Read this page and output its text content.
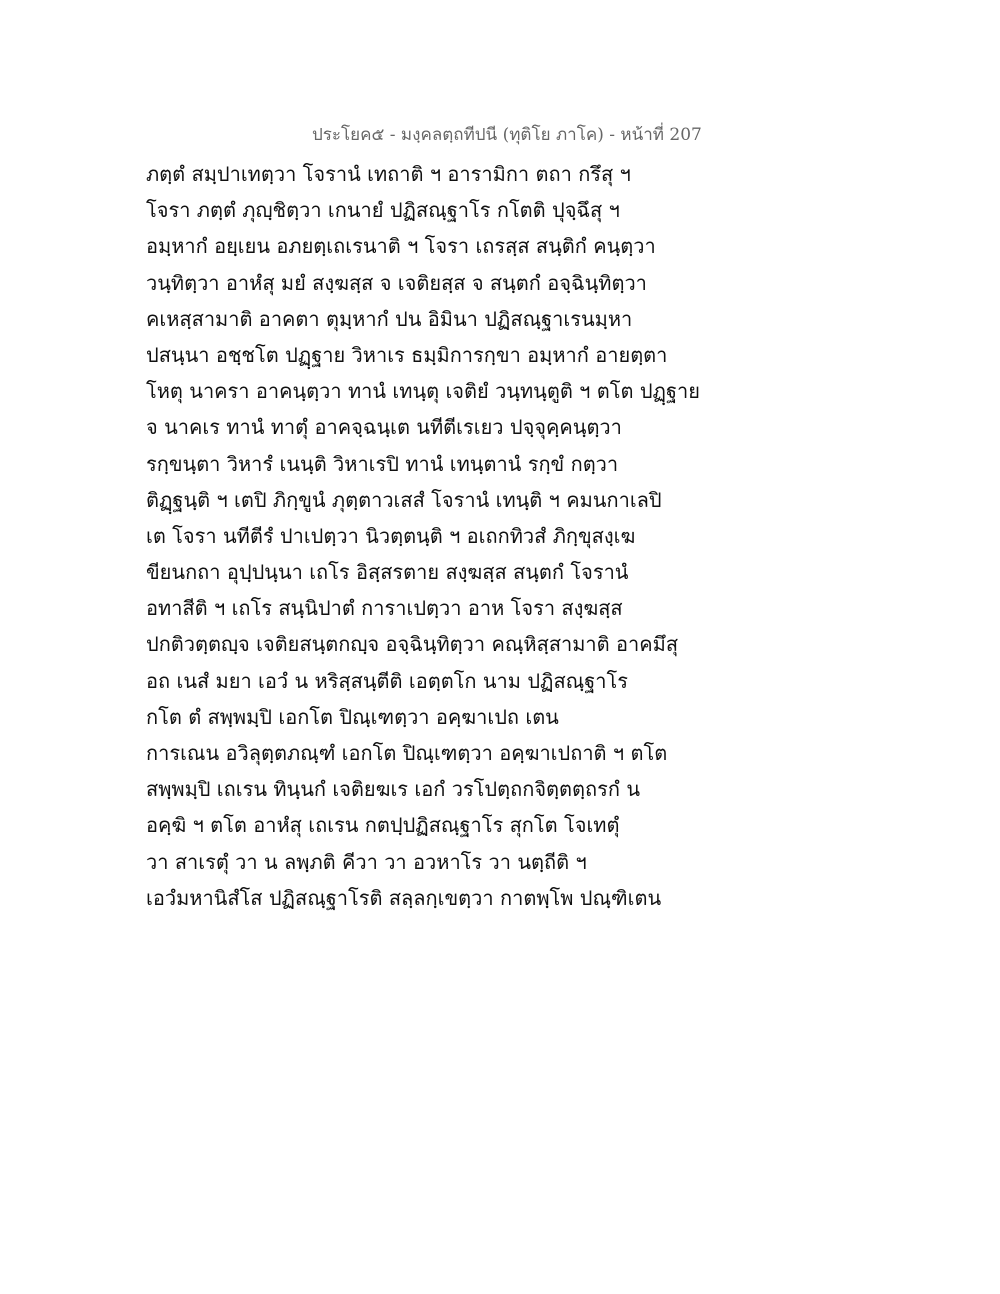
ประโยค๕ - มงฺคลตฺถทีปนี (ทุติโย ภาโค) - หน้าที่ 207
ภตฺตํ สมฺปาเทตฺวา โจรานํ เทถาติ ฯ อารามิกา ตถา กรึสุ ฯ
โจรา ภตฺตํ ภุญฺชิตฺวา เกนายํ ปฏิสณฺฐาโร กโตติ ปุจฺฉึสุ ฯ
อมฺหากํ อยฺเยน อภยตฺเถเรนาติ ฯ โจรา เถรสฺส สนฺติกํ คนฺตฺวา
วนฺทิตฺวา อาหํสุ มยํ สงฺฆสฺส จ เจติยสฺส จ สนฺตกํ อจฺฉินฺทิตฺวา
คเหสฺสามาติ อาคตา ตุมฺหากํ ปน อิมินา ปฏิสณฺฐาเรนมฺหา
ปสนฺนา อชฺชโต ปฏฺฐาย วิหาเร ธมฺมิการกฺขา อมฺหากํ อายตฺตา
โหตุ นาครา อาคนฺตฺวา ทานํ เทนฺตุ เจติยํ วนฺทนฺตูติ ฯ ตโต ปฏฺฐาย
จ นาคเร ทานํ ทาตุํ อาคจฺฉนฺเต นทีตีเรเยว ปจฺจุคฺคนฺตฺวา
รกฺขนฺตา วิหารํ เนนฺติ วิหาเรปิ ทานํ เทนฺตานํ รกฺขํ กตฺวา
ติฏฺฐนฺติ ฯ เตปิ ภิกฺขูนํ ภุตฺตาวเสสํ โจรานํ เทนฺติ ฯ คมนกาเลปิ
เต โจรา นทีตีรํ ปาเปตฺวา นิวตฺตนฺติ ฯ อเถกทิวสํ ภิกฺขุสงฺเฆ
ขียนกถา อุปฺปนฺนา เถโร อิสฺสรตาย สงฺฆสฺส สนฺตกํ โจรานํ
อทาสีติ ฯ เถโร สนฺนิปาตํ การาเปตฺวา อาห โจรา สงฺฆสฺส
ปกติวตฺตญฺจ เจติยสนฺตกญฺจ อจฺฉินฺทิตฺวา คณฺหิสฺสามาติ อาคมึสุ
อถ เนสํ มยา เอวํ น หริสฺสนฺตีติ เอตฺตโก นาม ปฏิสณฺฐาโร
กโต ตํ สพฺพมฺปิ เอกโต ปิณฺเฑตฺวา อคฺฆาเปถ เตน
การเณน อวิลุตฺตภณฺฑํ เอกโต ปิณฺเฑตฺวา อคฺฆาเปถาติ ฯ ตโต
สพฺพมฺปิ เถเรน ทินฺนกํ เจติยฆเร เอกํ วรโปตฺถกจิตฺตตฺถรกํ น
อคฺฆิ ฯ ตโต อาหํสุ เถเรน กตปฺปฏิสณฺฐาโร สุกโต โจเทตุํ
วา สาเรตุํ วา น ลพฺภติ คีวา วา อวหาโร วา นตฺถีติ ฯ
เอวํมหานิสํโส ปฏิสณฺฐาโรติ สลฺลกฺเขตฺวา กาตพฺโพ ปณฺฑิเตน
